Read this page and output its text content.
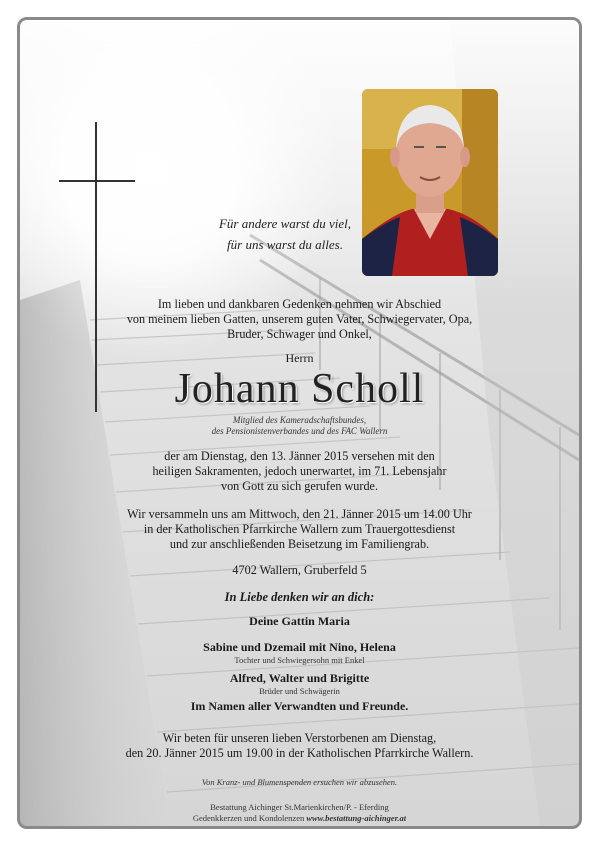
Für andere warst du viel,
für uns warst du alles.
Im lieben und dankbaren Gedenken nehmen wir Abschied
von meinem lieben Gatten, unserem guten Vater, Schwiegervater, Opa,
Bruder, Schwager und Onkel,
Herrn
Johann Scholl
Mitglied des Kameradschaftsbundes,
des Pensionistenverbandes und des FAC Wallern
der am Dienstag, den 13. Jänner 2015 versehen mit den
heiligen Sakramenten, jedoch unerwartet, im 71. Lebensjahr
von Gott zu sich gerufen wurde.
Wir versammeln uns am Mittwoch, den 21. Jänner 2015 um 14.00 Uhr
in der Katholischen Pfarrkirche Wallern zum Trauergottesdienst
und zur anschließenden Beisetzung im Familiengrab.
4702 Wallern, Gruberfeld 5
In Liebe denken wir an dich:
Deine Gattin Maria
Sabine und Dzemail mit Nino, Helena
Tochter und Schwiegersohn mit Enkel
Alfred, Walter und Brigitte
Brüder und Schwägerin
Im Namen aller Verwandten und Freunde.
Wir beten für unseren lieben Verstorbenen am Dienstag,
den 20. Jänner 2015 um 19.00 in der Katholischen Pfarrkirche Wallern.
Von Kranz- und Blumenspenden ersuchen wir abzusehen.
Bestattung Aichinger St.Marienkirchen/P. - Eferding
Gedenkkerzen und Kondolenzen www.bestattung-aichinger.at
